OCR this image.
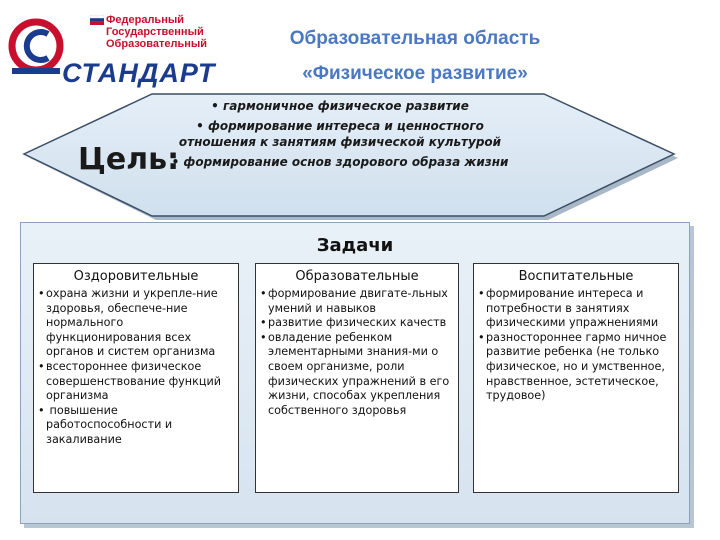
Федеральный
Государственный
Образовательный
СТАНДАРТ
Образовательная область
«Физическое развитие»
Цель:
• гармоничное физическое развитие
• формирование интереса и ценностного отношения к занятиям физической культурой
• формирование основ здорового образа жизни
Задачи
Оздоровительные
• охрана жизни и укрепле-ние здоровья, обеспече-ние нормального функционирования всех органов и систем организма
• всестороннее физическое совершенствование функций организма
• повышение работоспособности и закаливание
Образовательные
• формирование двигате-льных умений и навыков
• развитие физических качеств
• овладение ребенком элементарными знания-ми о своем организме, роли физических упражнений в его жизни, способах укрепления собственного здоровья
Воспитательные
• формирование интереса и потребности в занятиях физическими упражнениями
• разностороннее гармо ничное развитие ребенка (не только физическое, но и умственное, нравственное, эстетическое, трудовое)
